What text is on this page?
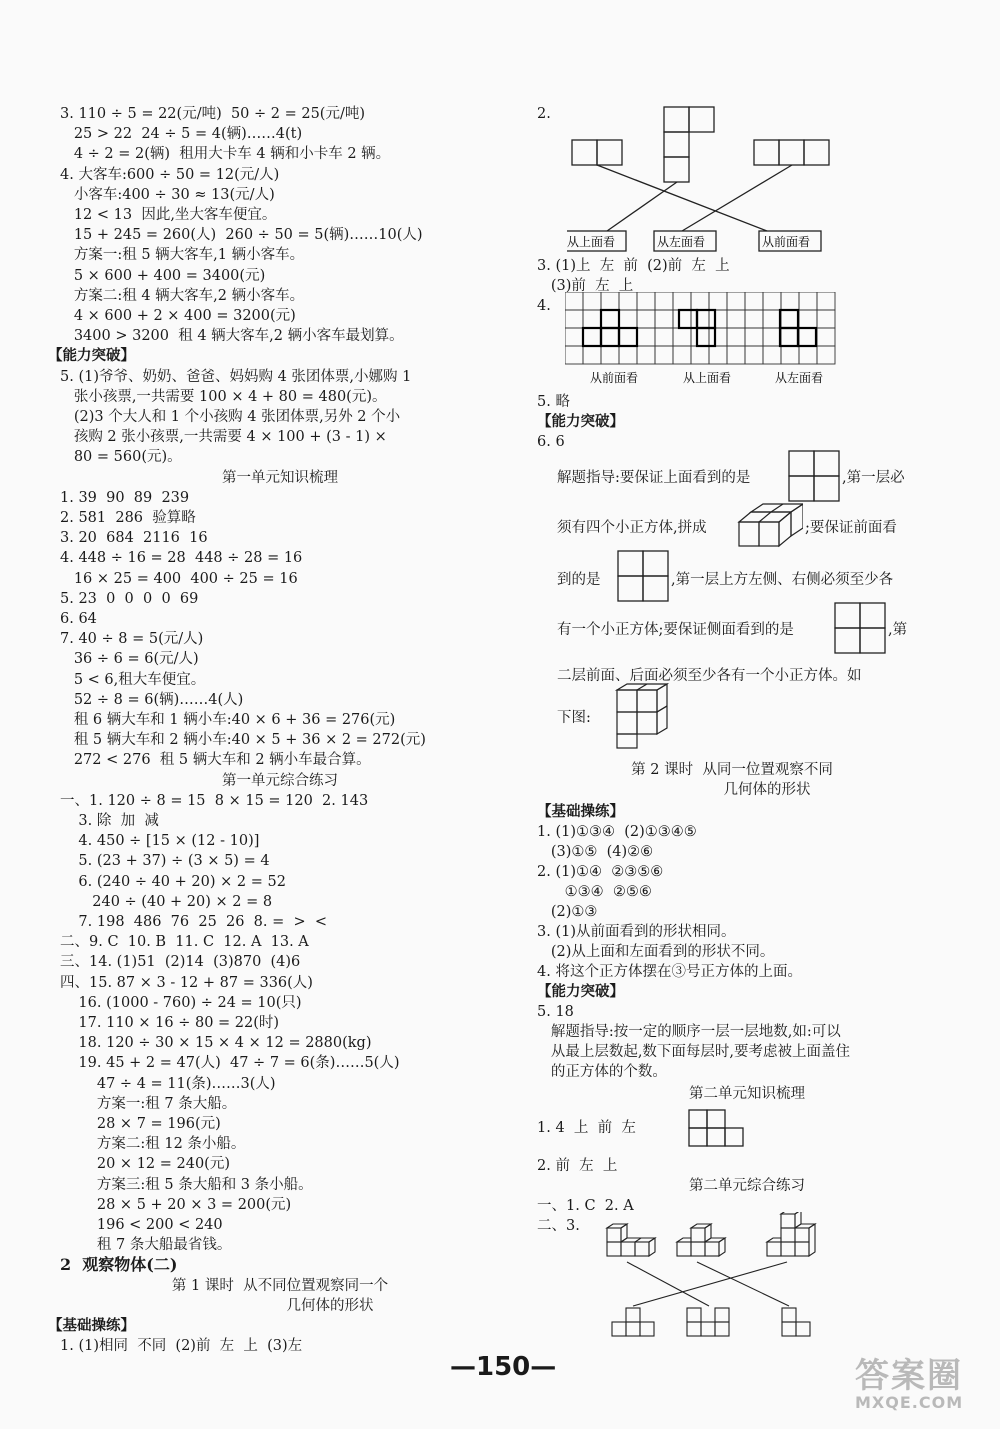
3. 110 ÷ 5 = 22(元/吨)  50 ÷ 2 = 25(元/吨)
25 > 22  24 ÷ 5 = 4(辆)……4(t)
4 ÷ 2 = 2(辆)  租用大卡车 4 辆和小卡车 2 辆。
4. 大客车:600 ÷ 50 = 12(元/人)
小客车:400 ÷ 30 ≈ 13(元/人)
12 < 13  因此,坐大客车便宜。
15 + 245 = 260(人)  260 ÷ 50 = 5(辆)……10(人)
方案一:租 5 辆大客车,1 辆小客车。
5 × 600 + 400 = 3400(元)
方案二:租 4 辆大客车,2 辆小客车。
4 × 600 + 2 × 400 = 3200(元)
3400 > 3200  租 4 辆大客车,2 辆小客车最划算。
【能力突破】
5. (1)爷爷、奶奶、爸爸、妈妈购 4 张团体票,小娜购 1
张小孩票,一共需要 100 × 4 + 80 = 480(元)。
(2)3 个大人和 1 个小孩购 4 张团体票,另外 2 个小
孩购 2 张小孩票,一共需要 4 × 100 + (3 - 1) ×
80 = 560(元)。
第一单元知识梳理
1. 39  90  89  239
2. 581  286  验算略
3. 20  684  2116  16
4. 448 ÷ 16 = 28  448 ÷ 28 = 16
16 × 25 = 400  400 ÷ 25 = 16
5. 23  0  0  0  0  69
6. 64
7. 40 ÷ 8 = 5(元/人)
36 ÷ 6 = 6(元/人)
5 < 6,租大车便宜。
52 ÷ 8 = 6(辆)……4(人)
租 6 辆大车和 1 辆小车:40 × 6 + 36 = 276(元)
租 5 辆大车和 2 辆小车:40 × 5 + 36 × 2 = 272(元)
272 < 276  租 5 辆大车和 2 辆小车最合算。
第一单元综合练习
一、1. 120 ÷ 8 = 15  8 × 15 = 120  2. 143
3. 除  加  减
4. 450 ÷ [15 × (12 - 10)]
5. (23 + 37) ÷ (3 × 5) = 4
6. (240 ÷ 40 + 20) × 2 = 52
240 ÷ (40 + 20) × 2 = 8
7. 198  486  76  25  26  8. =  >  <
二、9. C  10. B  11. C  12. A  13. A
三、14. (1)51  (2)14  (3)870  (4)6
四、15. 87 × 3 - 12 + 87 = 336(人)
16. (1000 - 760) ÷ 24 = 10(只)
17. 110 × 16 ÷ 80 = 22(时)
18. 120 ÷ 30 × 15 × 4 × 12 = 2880(kg)
19. 45 + 2 = 47(人)  47 ÷ 7 = 6(条)……5(人)
47 ÷ 4 = 11(条)……3(人)
方案一:租 7 条大船。
28 × 7 = 196(元)
方案二:租 12 条小船。
20 × 12 = 240(元)
方案三:租 5 条大船和 3 条小船。
28 × 5 + 20 × 3 = 200(元)
196 < 200 < 240
租 7 条大船最省钱。
2  观察物体(二)
第 1 课时  从不同位置观察同一个
几何体的形状
【基础操练】
1. (1)相同  不同  (2)前  左  上  (3)左
2.
从上面看	从左面看	从前面看
3. (1)上  左  前  (2)前  左  上
(3)前  左  上
4.
从前面看	从上面看	从左面看
5. 略
【能力突破】
6. 6
解题指导:要保证上面看到的是	,第一层必
须有四个小正方体,拼成	;要保证前面看
到的是	,第一层上方左侧、右侧必须至少各
有一个小正方体;要保证侧面看到的是	,第
二层前面、后面必须至少各有一个小正方体。如
下图:
第 2 课时  从同一位置观察不同
几何体的形状
【基础操练】
1. (1)①③④  (2)①③④⑤
(3)①⑤  (4)②⑥
2. (1)①④  ②③⑤⑥
①③④  ②⑤⑥
(2)①③
3. (1)从前面看到的形状相同。
(2)从上面和左面看到的形状不同。
4. 将这个正方体摆在③号正方体的上面。
【能力突破】
5. 18
解题指导:按一定的顺序一层一层地数,如:可以
从最上层数起,数下面每层时,要考虑被上面盖住
的正方体的个数。
第二单元知识梳理
1. 4  上  前  左
2. 前  左  上
第二单元综合练习
一、1. C  2. A
二、3.
—150—	答案圈
MXQE.COM
